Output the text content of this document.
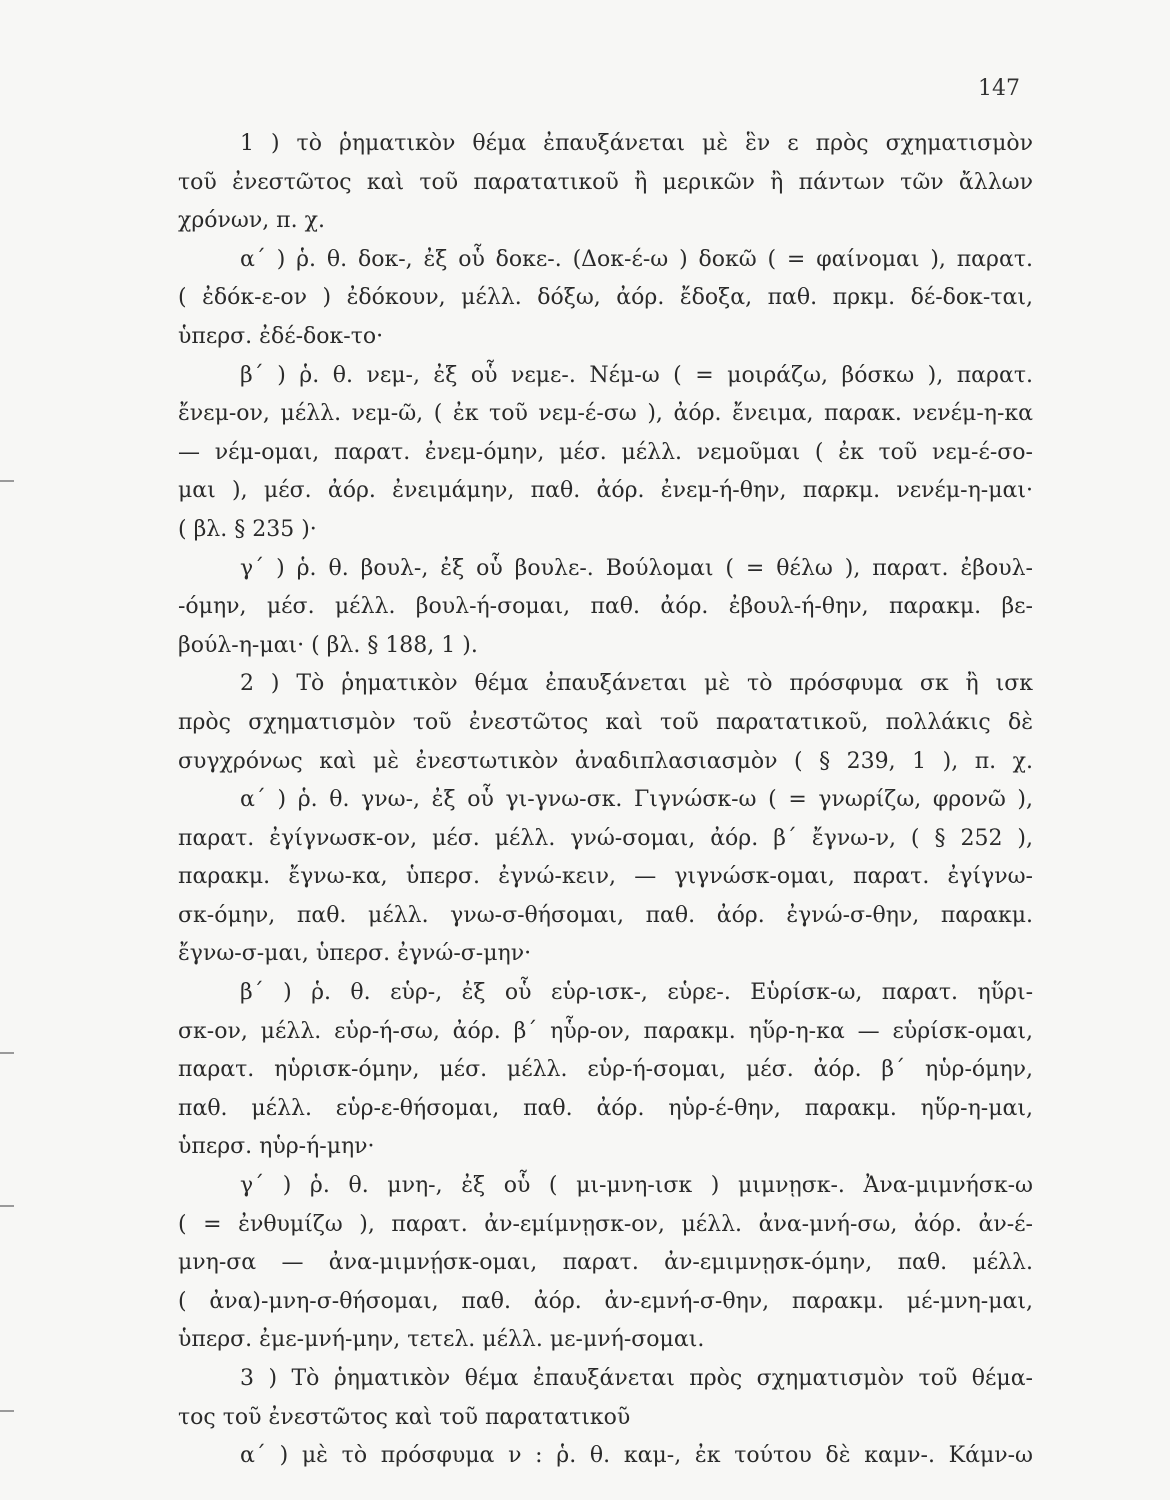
147
1 ) τὸ ῥηματικὸν θέμα ἐπαυξάνεται μὲ ἓν ε πρὸς σχηματισμὸν
τοῦ ἐνεστῶτος καὶ τοῦ παρατατικοῦ ἢ μερικῶν ἢ πάντων τῶν ἄλλων
χρόνων, π. χ.
α΄ ) ῥ. θ. δοκ-, ἐξ οὗ δοκε-. (Δοκ-έ-ω ) δοκῶ ( = φαίνομαι ), παρατ.
( ἐδόκ-ε-ον ) ἐδόκουν, μέλλ. δόξω, ἀόρ. ἔδοξα, παθ. πρκμ. δέ-δοκ-ται,
ὑπερσ. ἐδέ-δοκ-το·
β΄ ) ῥ. θ. νεμ-, ἐξ οὗ νεμε-. Νέμ-ω ( = μοιράζω, βόσκω ), παρατ.
ἔνεμ-ον, μέλλ. νεμ-ῶ, ( ἐκ τοῦ νεμ-έ-σω ), ἀόρ. ἔνειμα, παρακ. νενέμ-η-κα
— νέμ-ομαι, παρατ. ἐνεμ-όμην, μέσ. μέλλ. νεμοῦμαι ( ἐκ τοῦ νεμ-έ-σο-
μαι ), μέσ. ἀόρ. ἐνειμάμην, παθ. ἀόρ. ἐνεμ-ή-θην, παρκμ. νενέμ-η-μαι·
( βλ. § 235 )·
γ΄ ) ῥ. θ. βουλ-, ἐξ οὗ βουλε-. Βούλομαι ( = θέλω ), παρατ. ἐβουλ-
-όμην, μέσ. μέλλ. βουλ-ή-σομαι, παθ. ἀόρ. ἐβουλ-ή-θην, παρακμ. βε-
βούλ-η-μαι· ( βλ. § 188, 1 ).
2 ) Τὸ ῥηματικὸν θέμα ἐπαυξάνεται μὲ τὸ πρόσφυμα σκ ἢ ισκ
πρὸς σχηματισμὸν τοῦ ἐνεστῶτος καὶ τοῦ παρατατικοῦ, πολλάκις δὲ
συγχρόνως καὶ μὲ ἐνεστωτικὸν ἀναδιπλασιασμὸν ( § 239, 1 ), π. χ.
α΄ ) ῥ. θ. γνω-, ἐξ οὗ γι-γνω-σκ. Γιγνώσκ-ω ( = γνωρίζω, φρονῶ ),
παρατ. ἐγίγνωσκ-ον, μέσ. μέλλ. γνώ-σομαι, ἀόρ. β΄ ἔγνω-ν, ( § 252 ),
παρακμ. ἔγνω-κα, ὑπερσ. ἐγνώ-κειν, — γιγνώσκ-ομαι, παρατ. ἐγίγνω-
σκ-όμην, παθ. μέλλ. γνω-σ-θήσομαι, παθ. ἀόρ. ἐγνώ-σ-θην, παρακμ.
ἔγνω-σ-μαι, ὑπερσ. ἐγνώ-σ-μην·
β΄ ) ῥ. θ. εὑρ-, ἐξ οὗ εὑρ-ισκ-, εὑρε-. Εὑρίσκ-ω, παρατ. ηὕρι-
σκ-ον, μέλλ. εὑρ-ή-σω, ἀόρ. β΄ ηὗρ-ον, παρακμ. ηὕρ-η-κα — εὑρίσκ-ομαι,
παρατ. ηὑρισκ-όμην, μέσ. μέλλ. εὑρ-ή-σομαι, μέσ. ἀόρ. β΄ ηὑρ-όμην,
παθ. μέλλ. εὑρ-ε-θήσομαι, παθ. ἀόρ. ηὑρ-έ-θην, παρακμ. ηὕρ-η-μαι,
ὑπερσ. ηὑρ-ή-μην·
γ΄ ) ῥ. θ. μνη-, ἐξ οὗ ( μι-μνη-ισκ ) μιμνῃσκ-. Ἀνα-μιμνήσκ-ω
( = ἐνθυμίζω ), παρατ. ἀν-εμίμνῃσκ-ον, μέλλ. ἀνα-μνή-σω, ἀόρ. ἀν-έ-
μνη-σα — ἀνα-μιμνῄσκ-ομαι, παρατ. ἀν-εμιμνῃσκ-όμην, παθ. μέλλ.
( ἀνα)-μνη-σ-θήσομαι, παθ. ἀόρ. ἀν-εμνή-σ-θην, παρακμ. μέ-μνη-μαι,
ὑπερσ. ἐμε-μνή-μην, τετελ. μέλλ. με-μνή-σομαι.
3 ) Τὸ ῥηματικὸν θέμα ἐπαυξάνεται πρὸς σχηματισμὸν τοῦ θέμα-
τος τοῦ ἐνεστῶτος καὶ τοῦ παρατατικοῦ
α΄ ) μὲ τὸ πρόσφυμα ν : ῥ. θ. καμ-, ἐκ τούτου δὲ καμν-. Κάμν-ω
